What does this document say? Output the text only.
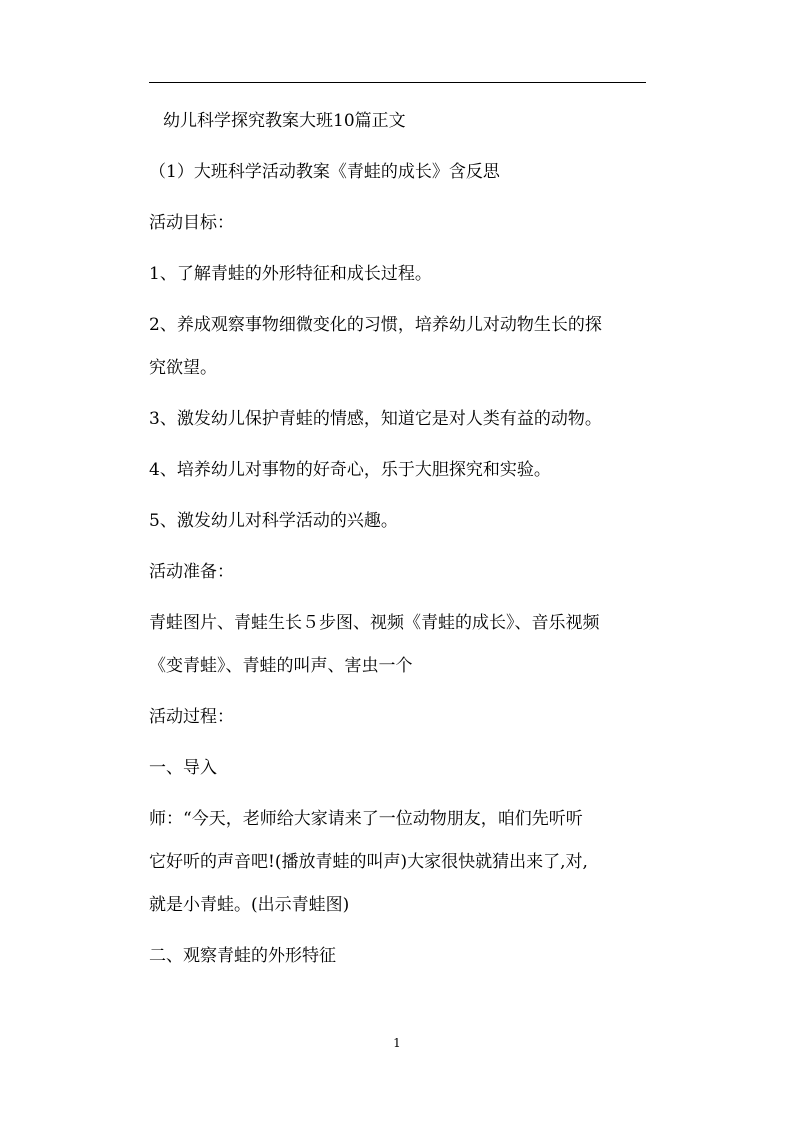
幼儿科学探究教案大班10篇正文

（1）大班科学活动教案《青蛙的成长》含反思

活动目标：

1、了解青蛙的外形特征和成长过程。

2、养成观察事物细微变化的习惯，培养幼儿对动物生长的探

究欲望。

3、激发幼儿保护青蛙的情感，知道它是对人类有益的动物。

4、培养幼儿对事物的好奇心，乐于大胆探究和实验。

5、激发幼儿对科学活动的兴趣。

活动准备：

青蛙图片、青蛙生长５步图、视频《青蛙的成长》、音乐视频

《变青蛙》、青蛙的叫声、害虫一个

活动过程：

一、导入

师：“今天，老师给大家请来了一位动物朋友，咱们先听听

它好听的声音吧!(播放青蛙的叫声)大家很快就猜出来了,对,

就是小青蛙。(出示青蛙图)

二、观察青蛙的外形特征

1
